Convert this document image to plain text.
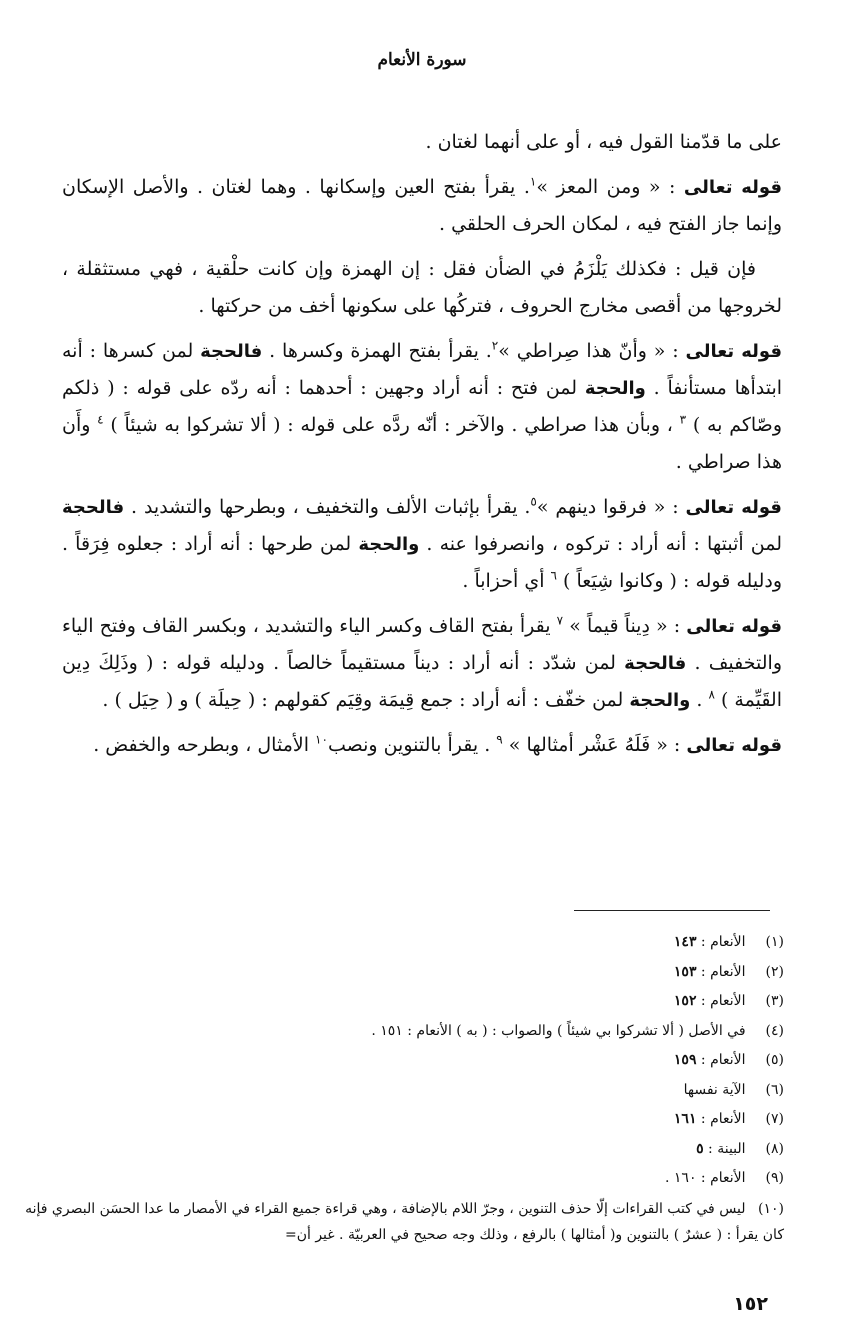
سورة الأنعام

على ما قدّمنا القول فيه ، أو على أنهما لغتان .

قوله تعالى : « ومن المعز »$^١$. يقرأ بفتح العين وإسكانها . وهما لغتان . والأصل الإسكان وإنما جاز الفتح فيه ، لمكان الحرف الحلقي .

فإن قيل : فكذلك يَلْزَمُ في الضأن فقل : إن الهمزة وإن كانت حلْقية ، فهي مستثقلة ، لخروجها من أقصى مخارج الحروف ، فتركُها على سكونها أخف من حركتها .

قوله تعالى : « وأنّ هذا صِراطي »$^٢$. يقرأ بفتح الهمزة وكسرها . فالحجة لمن كسرها : أنه ابتدأها مستأنفاً . والحجة لمن فتح : أنه أراد وجهين : أحدهما : أنه ردّه على قوله : ( ذلكم وصّاكم به ) $^٣$ ، وبأن هذا صراطي . والآخر : أنّه ردَّه على قوله : ( ألا تشركوا به شيئاً ) $^٤$ وأَن هذا صراطي .

قوله تعالى : « فرقوا دينهم »$^٥$. يقرأ بإثبات الألف والتخفيف ، وبطرحها والتشديد . فالحجة لمن أثبتها : أنه أراد : تركوه ، وانصرفوا عنه . والحجة لمن طرحها : أنه أراد : جعلوه فِرَقاً . ودليله قوله : ( وكانوا شِيَعاً ) $^٦$ أي أحزاباً .

قوله تعالى : « دِيناً قيماً » $^٧$ يقرأ بفتح القاف وكسر الياء والتشديد ، وبكسر القاف وفتح الياء والتخفيف . فالحجة لمن شدّد : أنه أراد : ديناً مستقيماً خالصاً . ودليله قوله : ( وذَلِكَ دِين القَيِّمة ) $^٨$ . والحجة لمن خفّف : أنه أراد : جمع قِيمَة وقِيَم كقولهم : ( حِيلَة ) و ( حِيَل ) .

قوله تعالى : « فَلَهُ عَشْر أمثالها » $^٩$ . يقرأ بالتنوين ونصب$^{١٠}$ الأمثال ، وبطرحه والخفض .

(١) الأنعام : ١٤٣
(٢) الأنعام : ١٥٣
(٣) الأنعام : ١٥٢
(٤) في الأصل ( ألا تشركوا بي شيئاً ) والصواب : ( به ) الأنعام : ١٥١ .
(٥) الأنعام : ١٥٩
(٦) الآية نفسها
(٧) الأنعام : ١٦١
(٨) البينة : ٥
(٩) الأنعام : ١٦٠ .
(١٠) ليس في كتب القراءات إلّا حذف التنوين ، وجرّ اللام بالإضافة ، وهي قراءة جميع القراء في الأمصار ما عدا الحسَن البصري فإنه كان يقرأ : ( عشرٌ ) بالتنوين و( أمثالها ) بالرفع ، وذلك وجه صحيح في العربيّة . غير أن=
١٥٢
